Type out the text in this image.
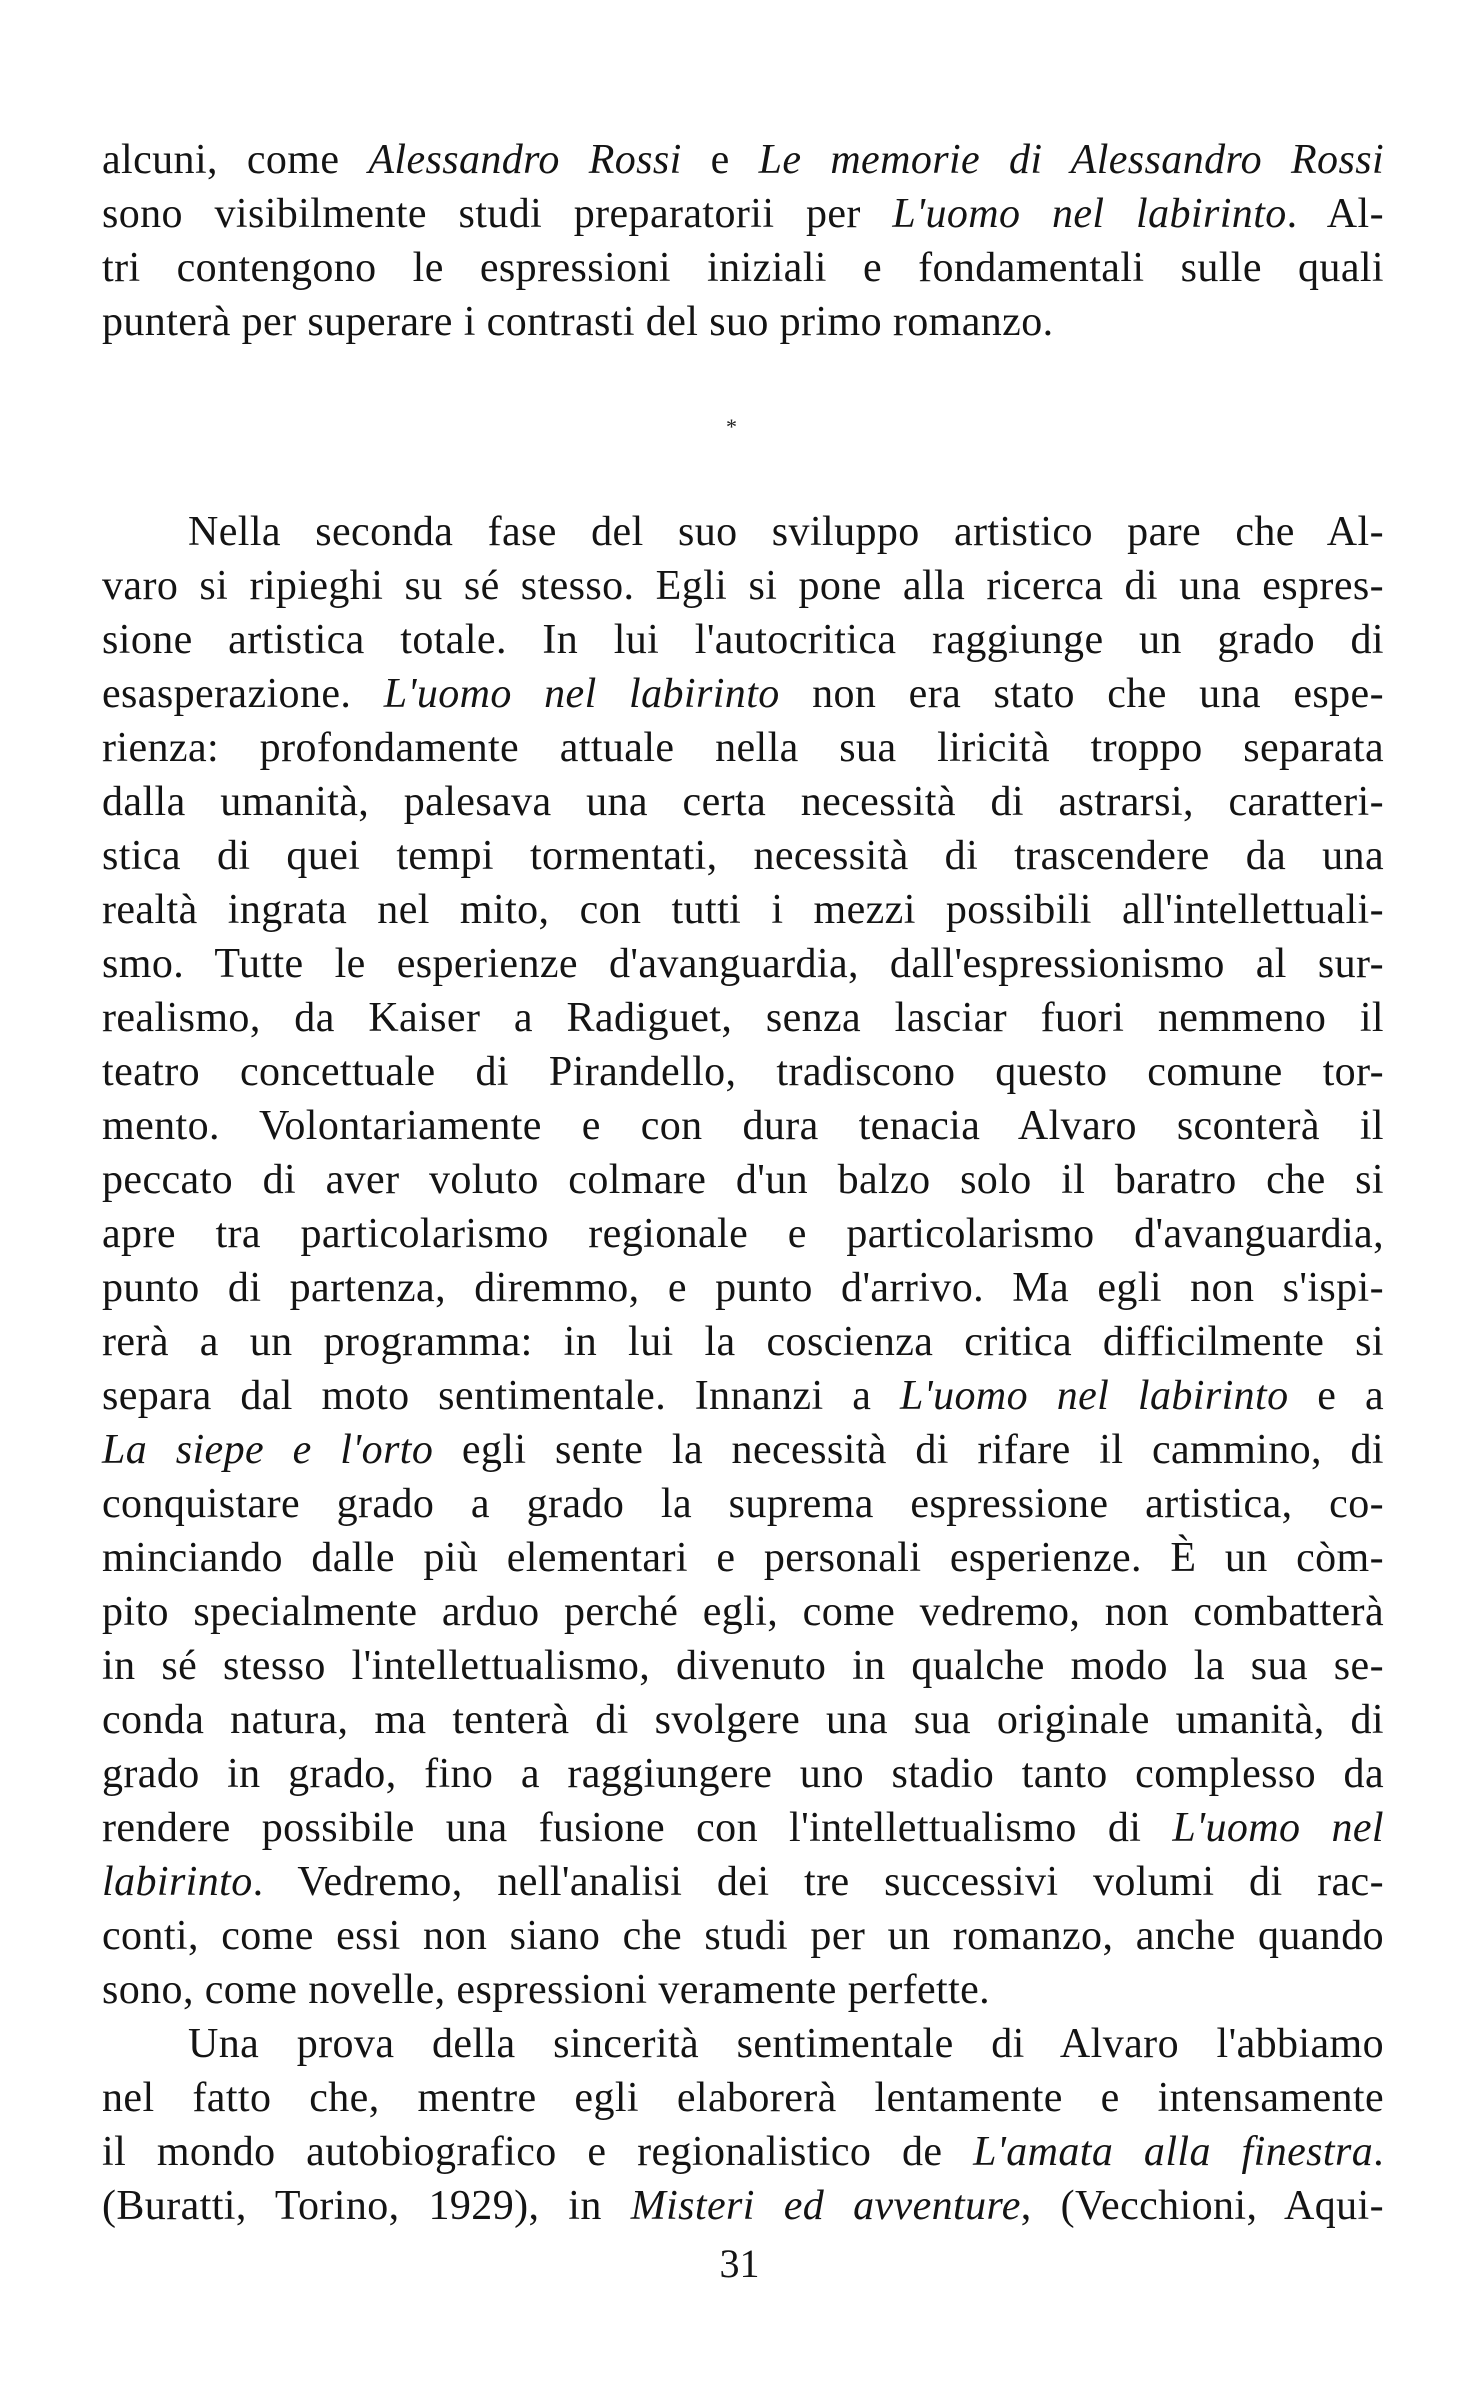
alcuni, come Alessandro Rossi e Le memorie di Alessandro Rossi
sono visibilmente studi preparatorii per L'uomo nel labirinto. Al-
tri contengono le espressioni iniziali e fondamentali sulle quali
punterà per superare i contrasti del suo primo romanzo.
*
Nella seconda fase del suo sviluppo artistico pare che Al-
varo si ripieghi su sé stesso. Egli si pone alla ricerca di una espres-
sione artistica totale. In lui l'autocritica raggiunge un grado di
esasperazione. L'uomo nel labirinto non era stato che una espe-
rienza: profondamente attuale nella sua liricità troppo separata
dalla umanità, palesava una certa necessità di astrarsi, caratteri-
stica di quei tempi tormentati, necessità di trascendere da una
realtà ingrata nel mito, con tutti i mezzi possibili all'intellettuali-
smo. Tutte le esperienze d'avanguardia, dall'espressionismo al sur-
realismo, da Kaiser a Radiguet, senza lasciar fuori nemmeno il
teatro concettuale di Pirandello, tradiscono questo comune tor-
mento. Volontariamente e con dura tenacia Alvaro sconterà il
peccato di aver voluto colmare d'un balzo solo il baratro che si
apre tra particolarismo regionale e particolarismo d'avanguardia,
punto di partenza, diremmo, e punto d'arrivo. Ma egli non s'ispi-
rerà a un programma: in lui la coscienza critica difficilmente si
separa dal moto sentimentale. Innanzi a L'uomo nel labirinto e a
La siepe e l'orto egli sente la necessità di rifare il cammino, di
conquistare grado a grado la suprema espressione artistica, co-
minciando dalle più elementari e personali esperienze. È un còm-
pito specialmente arduo perché egli, come vedremo, non combatterà
in sé stesso l'intellettualismo, divenuto in qualche modo la sua se-
conda natura, ma tenterà di svolgere una sua originale umanità, di
grado in grado, fino a raggiungere uno stadio tanto complesso da
rendere possibile una fusione con l'intellettualismo di L'uomo nel
labirinto. Vedremo, nell'analisi dei tre successivi volumi di rac-
conti, come essi non siano che studi per un romanzo, anche quando
sono, come novelle, espressioni veramente perfette.
Una prova della sincerità sentimentale di Alvaro l'abbiamo
nel fatto che, mentre egli elaborerà lentamente e intensamente
il mondo autobiografico e regionalistico de L'amata alla finestra.
(Buratti, Torino, 1929), in Misteri ed avventure, (Vecchioni, Aqui-
31
